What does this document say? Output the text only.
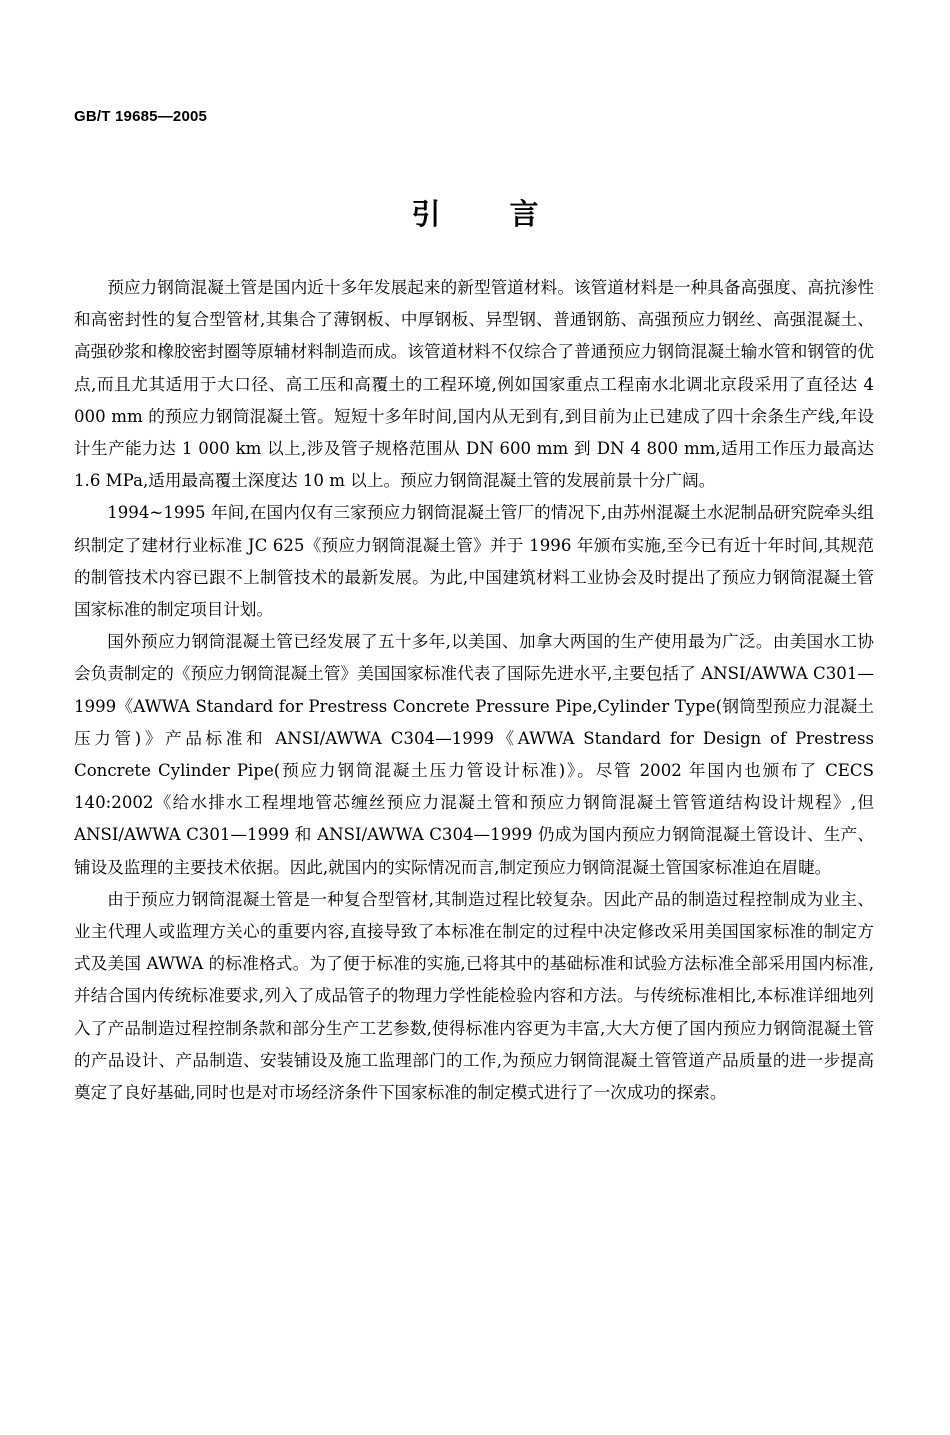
GB/T 19685—2005
引　言

预应力钢筒混凝土管是国内近十多年发展起来的新型管道材料。该管道材料是一种具备高强度、高抗渗性和高密封性的复合型管材,其集合了薄钢板、中厚钢板、异型钢、普通钢筋、高强预应力钢丝、高强混凝土、高强砂浆和橡胶密封圈等原辅材料制造而成。该管道材料不仅综合了普通预应力钢筒混凝土输水管和钢管的优点,而且尤其适用于大口径、高工压和高覆土的工程环境,例如国家重点工程南水北调北京段采用了直径达 4 000 mm 的预应力钢筒混凝土管。短短十多年时间,国内从无到有,到目前为止已建成了四十余条生产线,年设计生产能力达 1 000 km 以上,涉及管子规格范围从 DN 600 mm 到 DN 4 800 mm,适用工作压力最高达 1.6 MPa,适用最高覆土深度达 10 m 以上。预应力钢筒混凝土管的发展前景十分广阔。

1994~1995 年间,在国内仅有三家预应力钢筒混凝土管厂的情况下,由苏州混凝土水泥制品研究院牵头组织制定了建材行业标准 JC 625《预应力钢筒混凝土管》并于 1996 年颁布实施,至今已有近十年时间,其规范的制管技术内容已跟不上制管技术的最新发展。为此,中国建筑材料工业协会及时提出了预应力钢筒混凝土管国家标准的制定项目计划。

国外预应力钢筒混凝土管已经发展了五十多年,以美国、加拿大两国的生产使用最为广泛。由美国水工协会负责制定的《预应力钢筒混凝土管》美国国家标准代表了国际先进水平,主要包括了 ANSI/AWWA C301—1999《AWWA Standard for Prestress Concrete Pressure Pipe,Cylinder Type(钢筒型预应力混凝土压力管)》产品标准和 ANSI/AWWA C304—1999《AWWA Standard for Design of Prestress Concrete Cylinder Pipe(预应力钢筒混凝土压力管设计标准)》。尽管 2002 年国内也颁布了 CECS 140:2002《给水排水工程埋地管芯缠丝预应力混凝土管和预应力钢筒混凝土管管道结构设计规程》,但 ANSI/AWWA C301—1999 和 ANSI/AWWA C304—1999 仍成为国内预应力钢筒混凝土管设计、生产、铺设及监理的主要技术依据。因此,就国内的实际情况而言,制定预应力钢筒混凝土管国家标准迫在眉睫。

由于预应力钢筒混凝土管是一种复合型管材,其制造过程比较复杂。因此产品的制造过程控制成为业主、业主代理人或监理方关心的重要内容,直接导致了本标准在制定的过程中决定修改采用美国国家标准的制定方式及美国 AWWA 的标准格式。为了便于标准的实施,已将其中的基础标准和试验方法标准全部采用国内标准,并结合国内传统标准要求,列入了成品管子的物理力学性能检验内容和方法。与传统标准相比,本标准详细地列入了产品制造过程控制条款和部分生产工艺参数,使得标准内容更为丰富,大大方便了国内预应力钢筒混凝土管的产品设计、产品制造、安装铺设及施工监理部门的工作,为预应力钢筒混凝土管管道产品质量的进一步提高奠定了良好基础,同时也是对市场经济条件下国家标准的制定模式进行了一次成功的探索。
